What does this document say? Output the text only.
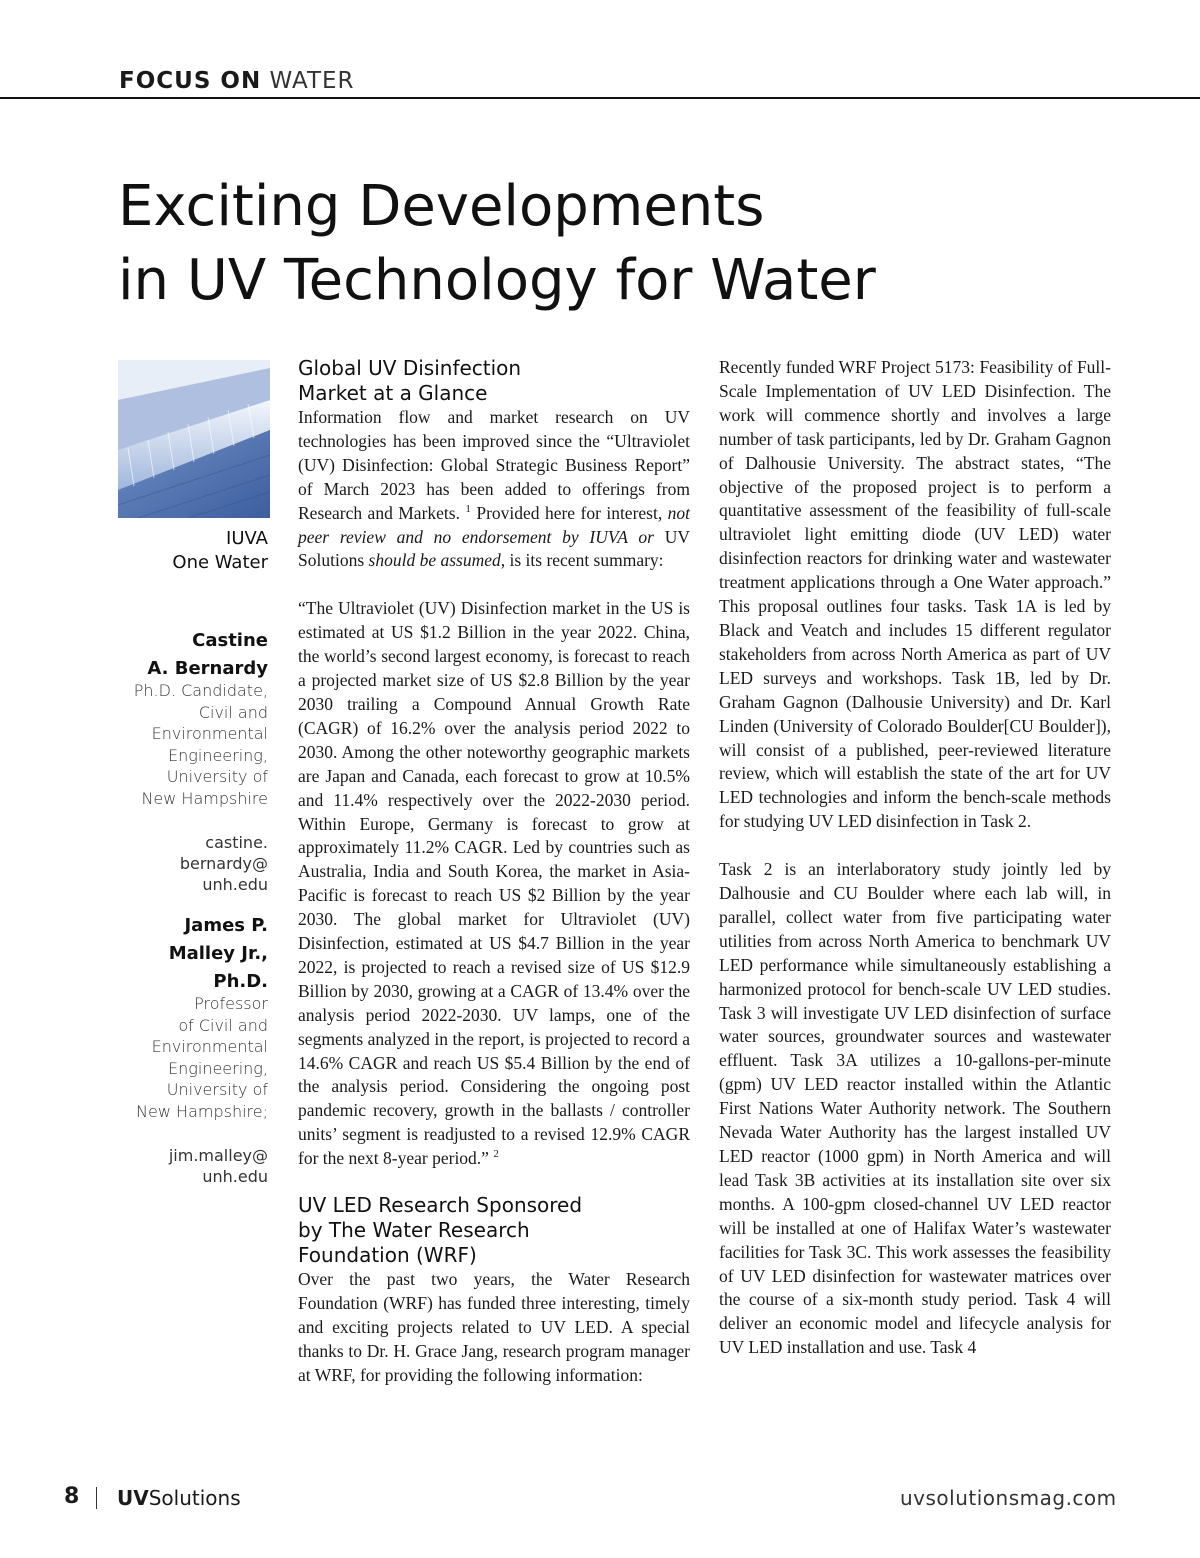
FOCUS ON WATER
Exciting Developments
in UV Technology for Water
IUVA
One Water
Castine
A. Bernardy
Ph.D. Candidate,
Civil and
Environmental
Engineering,
University of
New Hampshire
castine.
bernardy@
unh.edu
James P.
Malley Jr.,
Ph.D.
Professor
of Civil and
Environmental
Engineering,
University of
New Hampshire;
jim.malley@
unh.edu
Global UV Disinfection
Market at a Glance

Information flow and market research on UV technologies has been improved since the “Ultraviolet (UV) Disinfection: Global Strategic Business Report” of March 2023 has been added to offerings from Research and Markets. $^1$ Provided here for interest, not peer review and no endorsement by IUVA or UV Solutions should be assumed, is its recent summary:

“The Ultraviolet (UV) Disinfection market in the US is estimated at US $1.2 Billion in the year 2022. China, the world’s second largest economy, is forecast to reach a projected market size of US $2.8 Billion by the year 2030 trailing a Compound Annual Growth Rate (CAGR) of 16.2% over the analysis period 2022 to 2030. Among the other noteworthy geographic markets are Japan and Canada, each forecast to grow at 10.5% and 11.4% respectively over the 2022-2030 period. Within Europe, Germany is forecast to grow at approximately 11.2% CAGR. Led by countries such as Australia, India and South Korea, the market in Asia-Pacific is forecast to reach US $2 Billion by the year 2030. The global market for Ultraviolet (UV) Disinfection, estimated at US $4.7 Billion in the year 2022, is projected to reach a revised size of US $12.9 Billion by 2030, growing at a CAGR of 13.4% over the analysis period 2022-2030. UV lamps, one of the segments analyzed in the report, is projected to record a 14.6% CAGR and reach US $5.4 Billion by the end of the analysis period. Considering the ongoing post pandemic recovery, growth in the ballasts / controller units’ segment is readjusted to a revised 12.9% CAGR for the next 8-year period.” $^2$

UV LED Research Sponsored
by The Water Research
Foundation (WRF)

Over the past two years, the Water Research Foundation (WRF) has funded three interesting, timely and exciting projects related to UV LED. A special thanks to Dr. H. Grace Jang, research program manager at WRF, for providing the following information:

Recently funded WRF Project 5173: Feasibility of Full-Scale Implementation of UV LED Disinfection. The work will commence shortly and involves a large number of task participants, led by Dr. Graham Gagnon of Dalhousie University. The abstract states, “The objective of the proposed project is to perform a quantitative assessment of the feasibility of full-scale ultraviolet light emitting diode (UV LED) water disinfection reactors for drinking water and wastewater treatment applications through a One Water approach.” This proposal outlines four tasks. Task 1A is led by Black and Veatch and includes 15 different regulator stakeholders from across North America as part of UV LED surveys and workshops. Task 1B, led by Dr. Graham Gagnon (Dalhousie University) and Dr. Karl Linden (University of Colorado Boulder[CU Boulder]), will consist of a published, peer-reviewed literature review, which will establish the state of the art for UV LED technologies and inform the bench-scale methods for studying UV LED disinfection in Task 2.

Task 2 is an interlaboratory study jointly led by Dalhousie and CU Boulder where each lab will, in parallel, collect water from five participating water utilities from across North America to benchmark UV LED performance while simultaneously establishing a harmonized protocol for bench-scale UV LED studies. Task 3 will investigate UV LED disinfection of surface water sources, groundwater sources and wastewater effluent. Task 3A utilizes a 10-gallons-per-minute (gpm) UV LED reactor installed within the Atlantic First Nations Water Authority network. The Southern Nevada Water Authority has the largest installed UV LED reactor (1000 gpm) in North America and will lead Task 3B activities at its installation site over six months. A 100-gpm closed-channel UV LED reactor will be installed at one of Halifax Water’s wastewater facilities for Task 3C. This work assesses the feasibility of UV LED disinfection for wastewater matrices over the course of a six-month study period. Task 4 will deliver an economic model and lifecycle analysis for UV LED installation and use. Task 4

8 UVSolutions	uvsolutionsmag.com
